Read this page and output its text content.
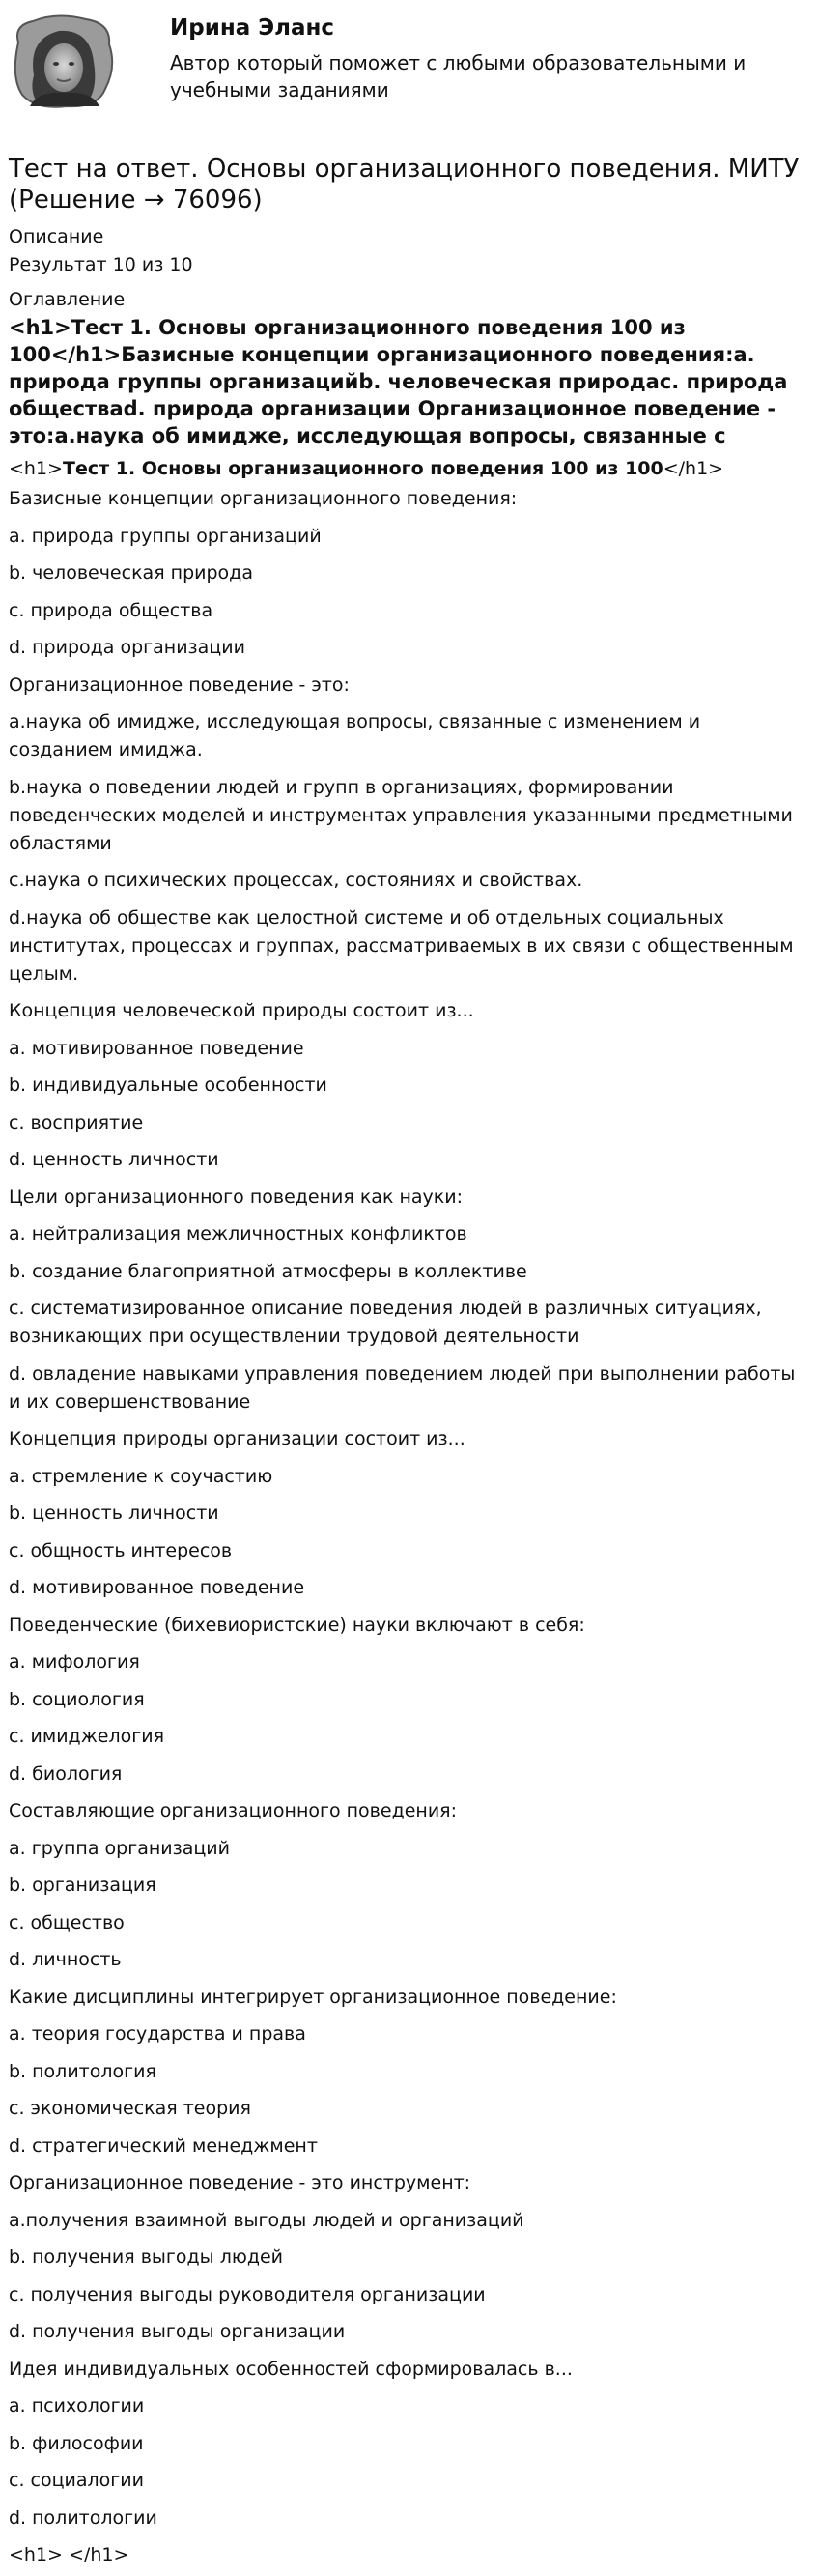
Ирина Эланс
Автор который поможет с любыми образовательными и учебными заданиями
Тест на ответ. Основы организационного поведения. МИТУ (Решение → 76096)
Описание
Результат 10 из 10
Оглавление
<h1>Тест 1. Основы организационного поведения 100 из 100</h1>Базисные концепции организационного поведения:a. природа группы организацийb. человеческая природас. природа обществаd. природа организации Организационное поведение - это:a.наука об имидже, исследующая вопросы, связанные с
<h1>Тест 1. Основы организационного поведения 100 из 100</h1>
Базисные концепции организационного поведения:
a. природа группы организаций
b. человеческая природа
с. природа общества
d. природа организации
Организационное поведение - это:
a.наука об имидже, исследующая вопросы, связанные с изменением и созданием имиджа.
b.наука о поведении людей и групп в организациях, формировании поведенческих моделей и инструментах управления указанными предметными областями
c.наука о психических процессах, состояниях и свойствах.
d.наука об обществе как целостной системе и об отдельных социальных институтах, процессах и группах, рассматриваемых в их связи с общественным целым.
Концепция человеческой природы состоит из...
a. мотивированное поведение
b. индивидуальные особенности
c. восприятие
d. ценность личности
Цели организационного поведения как науки:
a. нейтрализация межличностных конфликтов
b. создание благоприятной атмосферы в коллективе
c. систематизированное описание поведения людей в различных ситуациях, возникающих при осуществлении трудовой деятельности
d. овладение навыками управления поведением людей при выполнении работы и их совершенствование
Концепция природы организации состоит из...
a. стремление к соучастию
b. ценность личности
c. общность интересов
d. мотивированное поведение
Поведенческие (бихевиористские) науки включают в себя:
a. мифология
b. социология
c. имиджелогия
d. биология
Составляющие организационного поведения:
a. группа организаций
b. организация
c. общество
d. личность
Какие дисциплины интегрирует организационное поведение:
a. теория государства и права
b. политология
c. экономическая теория
d. стратегический менеджмент
Организационное поведение - это инструмент:
a.получения взаимной выгоды людей и организаций
b. получения выгоды людей
c. получения выгоды руководителя организации
d. получения выгоды организации
Идея индивидуальных особенностей сформировалась в...
a. психологии
b. философии
c. социалогии
d. политологии
<h1> </h1>
